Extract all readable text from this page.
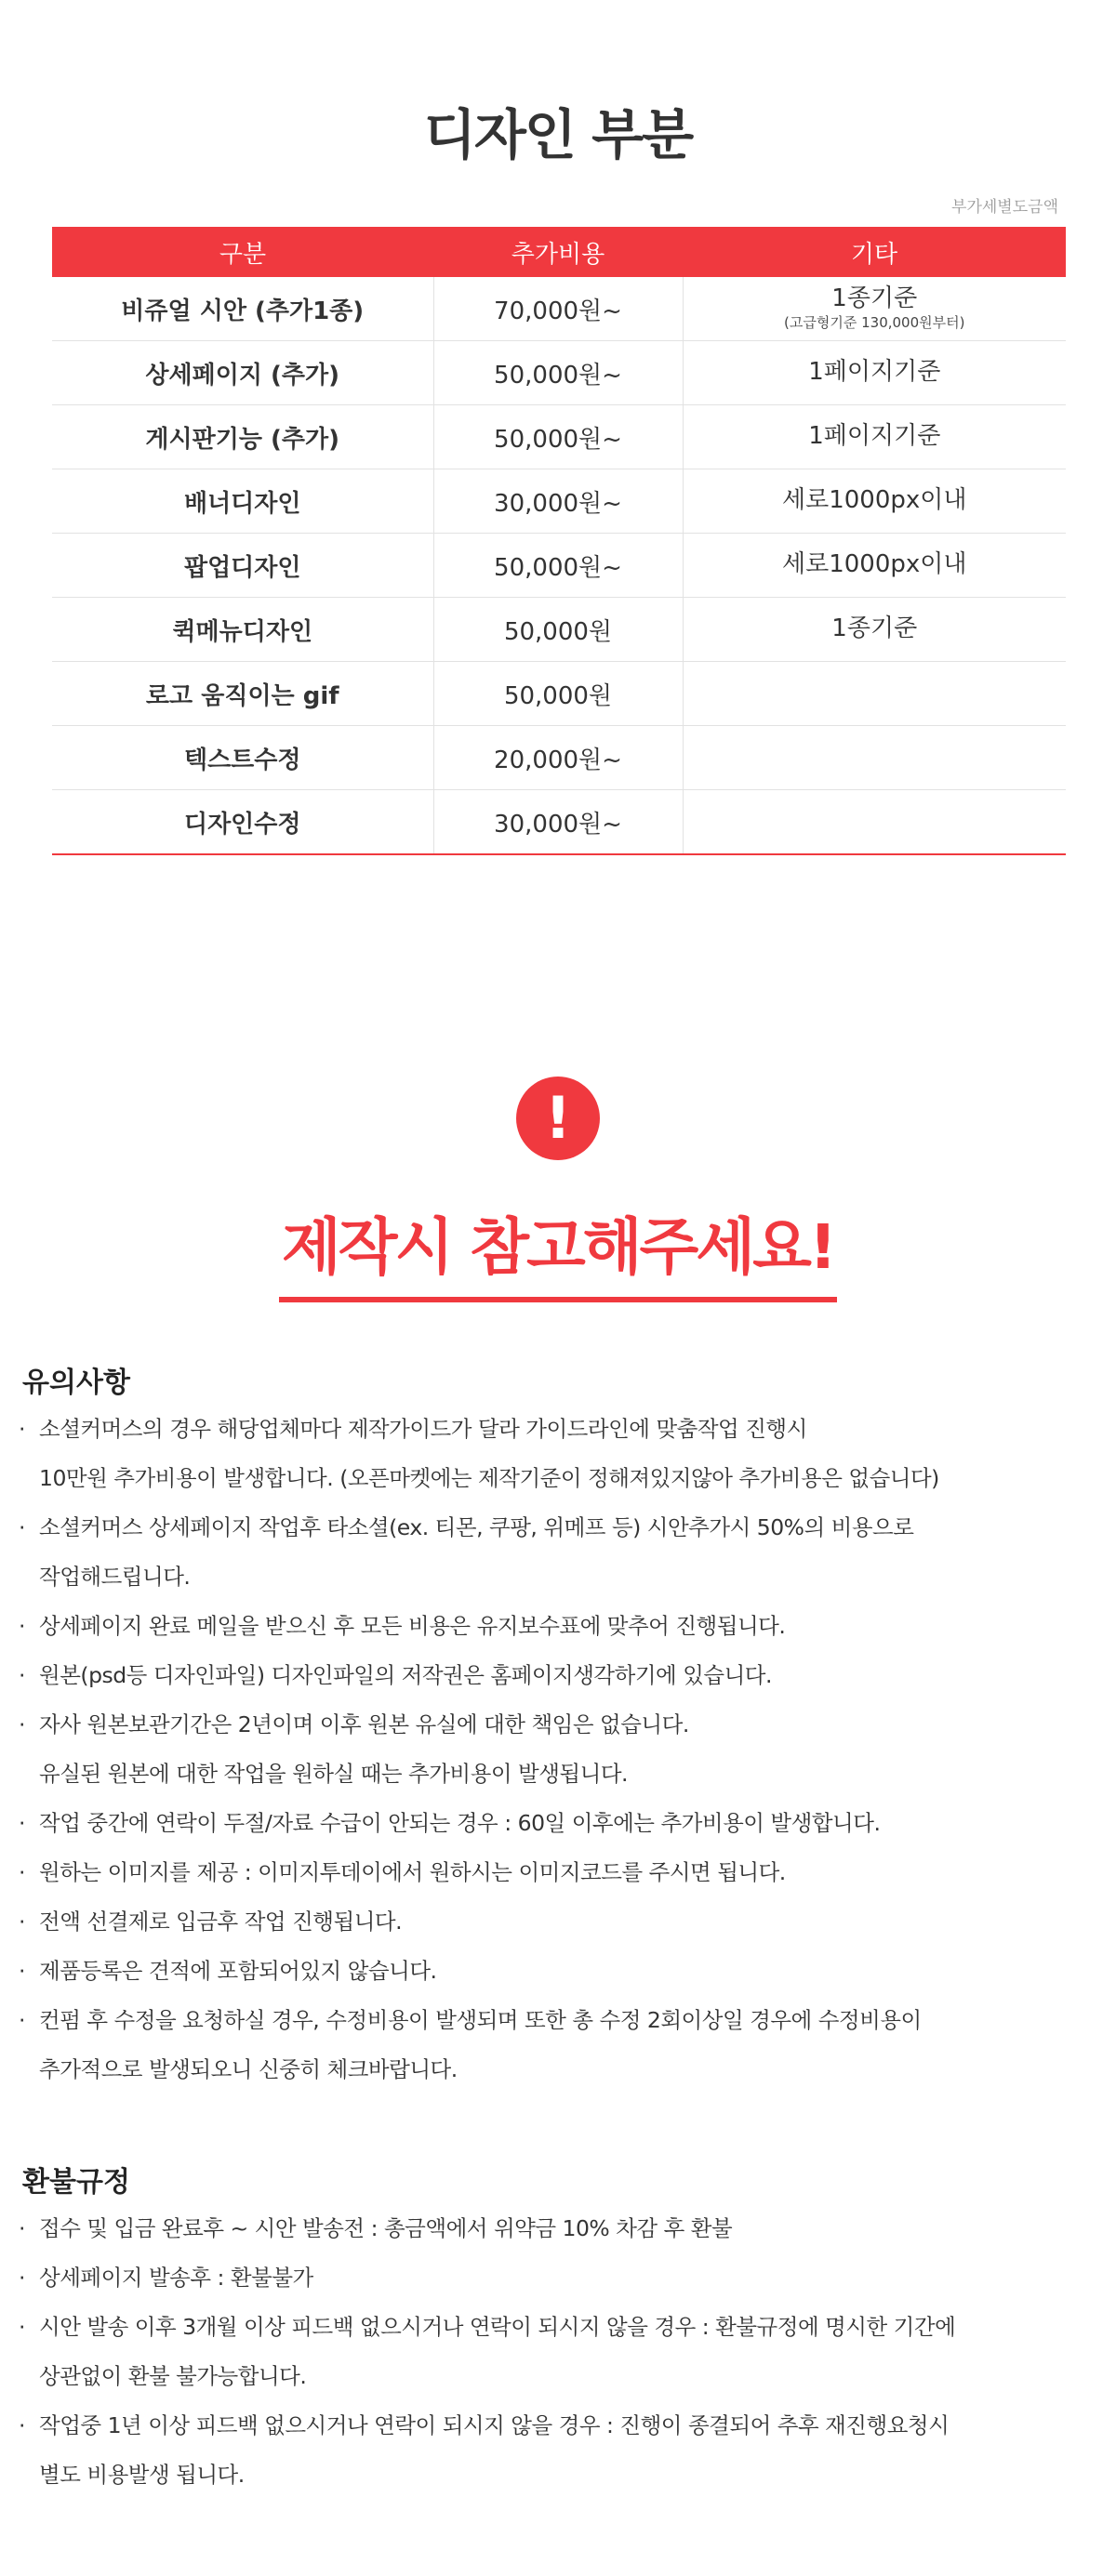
디자인 부분
부가세별도금액
구분	추가비용	기타
비쥬얼 시안 (추가1종)	70,000원~	1종기준
(고급형기준 130,000원부터)

상세페이지 (추가)	50,000원~	1페이지기준
게시판기능 (추가)	50,000원~	1페이지기준
배너디자인	30,000원~	세로1000px이내
팝업디자인	50,000원~	세로1000px이내
퀵메뉴디자인	50,000원	1종기준
로고 움직이는 gif	50,000원	
텍스트수정	20,000원~	
디자인수정	30,000원~	
!
제작시 참고해주세요!
유의사항
· 소셜커머스의 경우 해당업체마다 제작가이드가 달라 가이드라인에 맞춤작업 진행시
10만원 추가비용이 발생합니다. (오픈마켓에는 제작기준이 정해져있지않아 추가비용은 없습니다)
· 소셜커머스 상세페이지 작업후 타소셜(ex. 티몬, 쿠팡, 위메프 등) 시안추가시 50%의 비용으로
작업해드립니다.
· 상세페이지 완료 메일을 받으신 후 모든 비용은 유지보수표에 맞추어 진행됩니다.
· 원본(psd등 디자인파일) 디자인파일의 저작권은 홈페이지생각하기에 있습니다.
· 자사 원본보관기간은 2년이며 이후 원본 유실에 대한 책임은 없습니다.
유실된 원본에 대한 작업을 원하실 때는 추가비용이 발생됩니다.
· 작업 중간에 연락이 두절/자료 수급이 안되는 경우 : 60일 이후에는 추가비용이 발생합니다.
· 원하는 이미지를 제공 : 이미지투데이에서 원하시는 이미지코드를 주시면 됩니다.
· 전액 선결제로 입금후 작업 진행됩니다.
· 제품등록은 견적에 포함되어있지 않습니다.
· 컨펌 후 수정을 요청하실 경우, 수정비용이 발생되며 또한 총 수정 2회이상일 경우에 수정비용이
추가적으로 발생되오니 신중히 체크바랍니다.
환불규정
· 접수 및 입금 완료후 ~ 시안 발송전 : 총금액에서 위약금 10% 차감 후 환불
· 상세페이지 발송후 : 환불불가
· 시안 발송 이후 3개월 이상 피드백 없으시거나 연락이 되시지 않을 경우 : 환불규정에 명시한 기간에
상관없이 환불 불가능합니다.
· 작업중 1년 이상 피드백 없으시거나 연락이 되시지 않을 경우 : 진행이 종결되어 추후 재진행요청시
별도 비용발생 됩니다.
